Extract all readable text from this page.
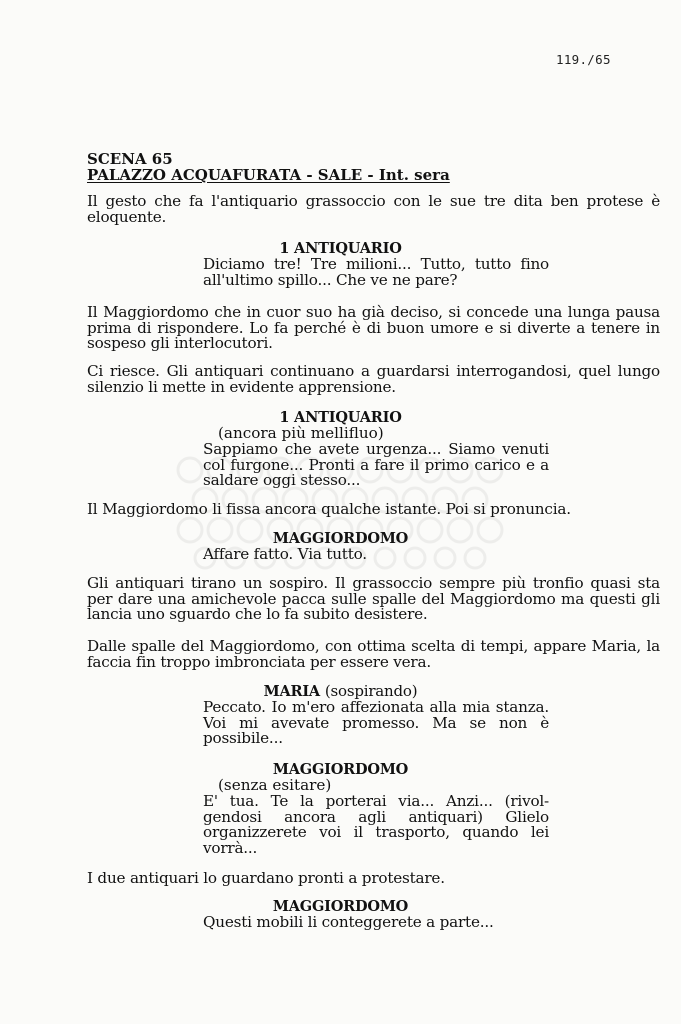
119./65
SCENA 65
PALAZZO ACQUAFURATA - SALE - Int. sera
Il gesto che fa l'antiquario grassoccio con le sue tre dita ben protese è eloquente.
1 ANTIQUARIO
Diciamo tre! Tre milioni... Tutto, tutto fino all'ultimo spillo... Che ve ne pare?
Il Maggiordomo che in cuor suo ha già deciso, si concede una lunga pausa prima di rispondere. Lo fa perché è di buon umore e si diverte a tenere in sospeso gli interlocutori.
Ci riesce. Gli antiquari continuano a guardarsi interrogandosi, quel lungo silenzio li mette in evidente apprensione.
1 ANTIQUARIO
(ancora più mellifluo)
Sappiamo che avete urgenza... Siamo venuti col furgone... Pronti a fare il primo carico e a saldare oggi stesso...
Il Maggiordomo li fissa ancora qualche istante. Poi si pronuncia.
MAGGIORDOMO
Affare fatto. Via tutto.
Gli antiquari tirano un sospiro. Il grassoccio sempre più tronfio quasi sta per dare una amichevole pacca sulle spalle del Maggiordomo ma questi gli lancia uno sguardo che lo fa subito desistere.
Dalle spalle del Maggiordomo, con ottima scelta di tempi, appare Maria, la faccia fin troppo imbronciata per essere vera.
MARIA (sospirando)
Peccato. Io m'ero affezionata alla mia stanza. Voi mi avevate promesso. Ma se non è possibile...
MAGGIORDOMO
(senza esitare)
E' tua. Te la porterai via... Anzi... (rivol-gendosi ancora agli antiquari) Glielo organizzerete voi il trasporto, quando lei vorrà...
I due antiquari lo guardano pronti a protestare.
MAGGIORDOMO
Questi mobili li conteggerete a parte...
